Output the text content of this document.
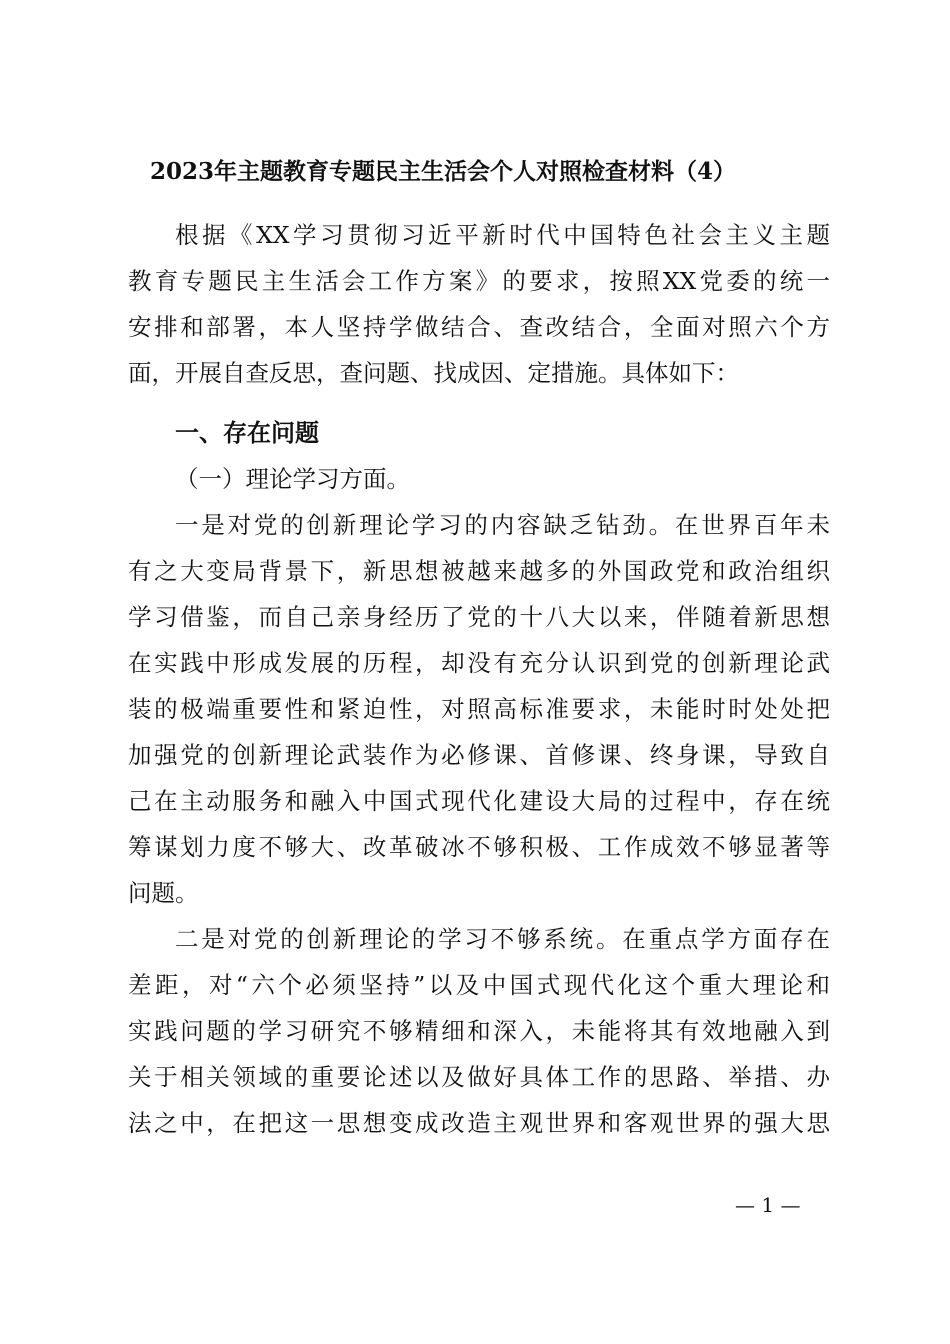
2023年主题教育专题民主生活会个人对照检查材料（4）
根据《XX学习贯彻习近平新时代中国特色社会主义主题
教育专题民主生活会工作方案》的要求，按照XX党委的统一
安排和部署，本人坚持学做结合、查改结合，全面对照六个方
面，开展自查反思，查问题、找成因、定措施。具体如下：
一、存在问题
（一）理论学习方面。
一是对党的创新理论学习的内容缺乏钻劲。在世界百年未
有之大变局背景下，新思想被越来越多的外国政党和政治组织
学习借鉴，而自己亲身经历了党的十八大以来，伴随着新思想
在实践中形成发展的历程，却没有充分认识到党的创新理论武
装的极端重要性和紧迫性，对照高标准要求，未能时时处处把
加强党的创新理论武装作为必修课、首修课、终身课，导致自
己在主动服务和融入中国式现代化建设大局的过程中，存在统
筹谋划力度不够大、改革破冰不够积极、工作成效不够显著等
问题。
二是对党的创新理论的学习不够系统。在重点学方面存在
差距，对“六个必须坚持”以及中国式现代化这个重大理论和
实践问题的学习研究不够精细和深入，未能将其有效地融入到
关于相关领域的重要论述以及做好具体工作的思路、举措、办
法之中，在把这一思想变成改造主观世界和客观世界的强大思
— 1 —
